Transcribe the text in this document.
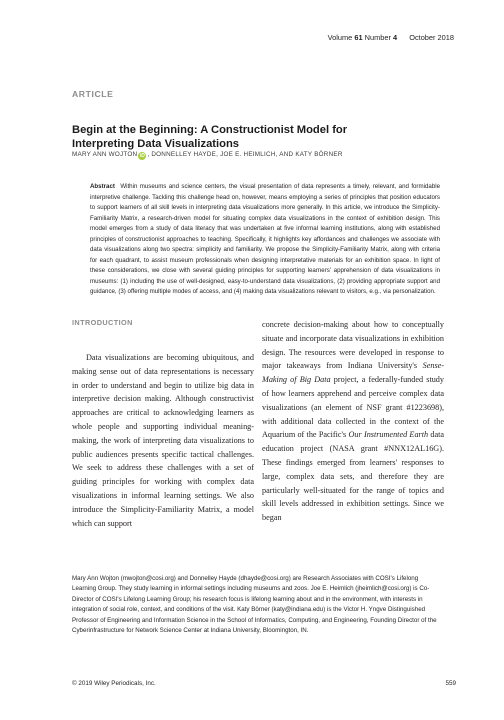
Volume 61 Number 4 October 2018
ARTICLE
Begin at the Beginning: A Constructionist Model for Interpreting Data Visualizations
MARY ANN WOJTON iD , DONNELLEY HAYDE, JOE E. HEIMLICH, AND KATY BÖRNER

Abstract Within museums and science centers, the visual presentation of data represents a timely, relevant, and formidable interpretive challenge. Tackling this challenge head on, however, means employing a series of principles that position educators to support learners of all skill levels in interpreting data visualizations more generally. In this article, we introduce the Simplicity-Familiarity Matrix, a research-driven model for situating complex data visualizations in the context of exhibition design. This model emerges from a study of data literacy that was undertaken at five informal learning institutions, along with established principles of constructionist approaches to teaching. Specifically, it highlights key affordances and challenges we associate with data visualizations along two spectra: simplicity and familiarity. We propose the Simplicity-Familiarity Matrix, along with criteria for each quadrant, to assist museum professionals when designing interpretative materials for an exhibition space. In light of these considerations, we close with several guiding principles for supporting learners' apprehension of data visualizations in museums: (1) including the use of well-designed, easy-to-understand data visualizations, (2) providing appropriate support and guidance, (3) offering multiple modes of access, and (4) making data visualizations relevant to visitors, e.g., via personalization.

INTRODUCTION

Data visualizations are becoming ubiquitous, and making sense out of data representations is necessary in order to understand and begin to utilize big data in interpretive decision making. Although constructivist approaches are critical to acknowledging learners as whole people and supporting individual meaning-making, the work of interpreting data visualizations to public audiences presents specific tactical challenges. We seek to address these challenges with a set of guiding principles for working with complex data visualizations in informal learning settings. We also introduce the Simplicity-Familiarity Matrix, a model which can support

concrete decision-making about how to conceptually situate and incorporate data visualizations in exhibition design. The resources were developed in response to major takeaways from Indiana University's Sense-Making of Big Data project, a federally-funded study of how learners apprehend and perceive complex data visualizations (an element of NSF grant #1223698), with additional data collected in the context of the Aquarium of the Pacific's Our Instrumented Earth data education project (NASA grant #NNX12AL16G). These findings emerged from learners' responses to large, complex data sets, and therefore they are particularly well-situated for the range of topics and skill levels addressed in exhibition settings. Since we began

Mary Ann Wojton (mwojton@cosi.org) and Donnelley Hayde (dhayde@cosi.org) are Research Associates with COSI's Lifelong Learning Group. They study learning in informal settings including museums and zoos. Joe E. Heimlich (jheimlich@cosi.org) is Co-Director of COSI's Lifelong Learning Group; his research focus is lifelong learning about and in the environment, with interests in integration of social role, context, and conditions of the visit. Katy Börner (katy@indiana.edu) is the Victor H. Yngve Distinguished Professor of Engineering and Information Science in the School of Informatics, Computing, and Engineering, Founding Director of the Cyberinfrastructure for Network Science Center at Indiana University, Bloomington, IN.

© 2019 Wiley Periodicals, Inc.	559
